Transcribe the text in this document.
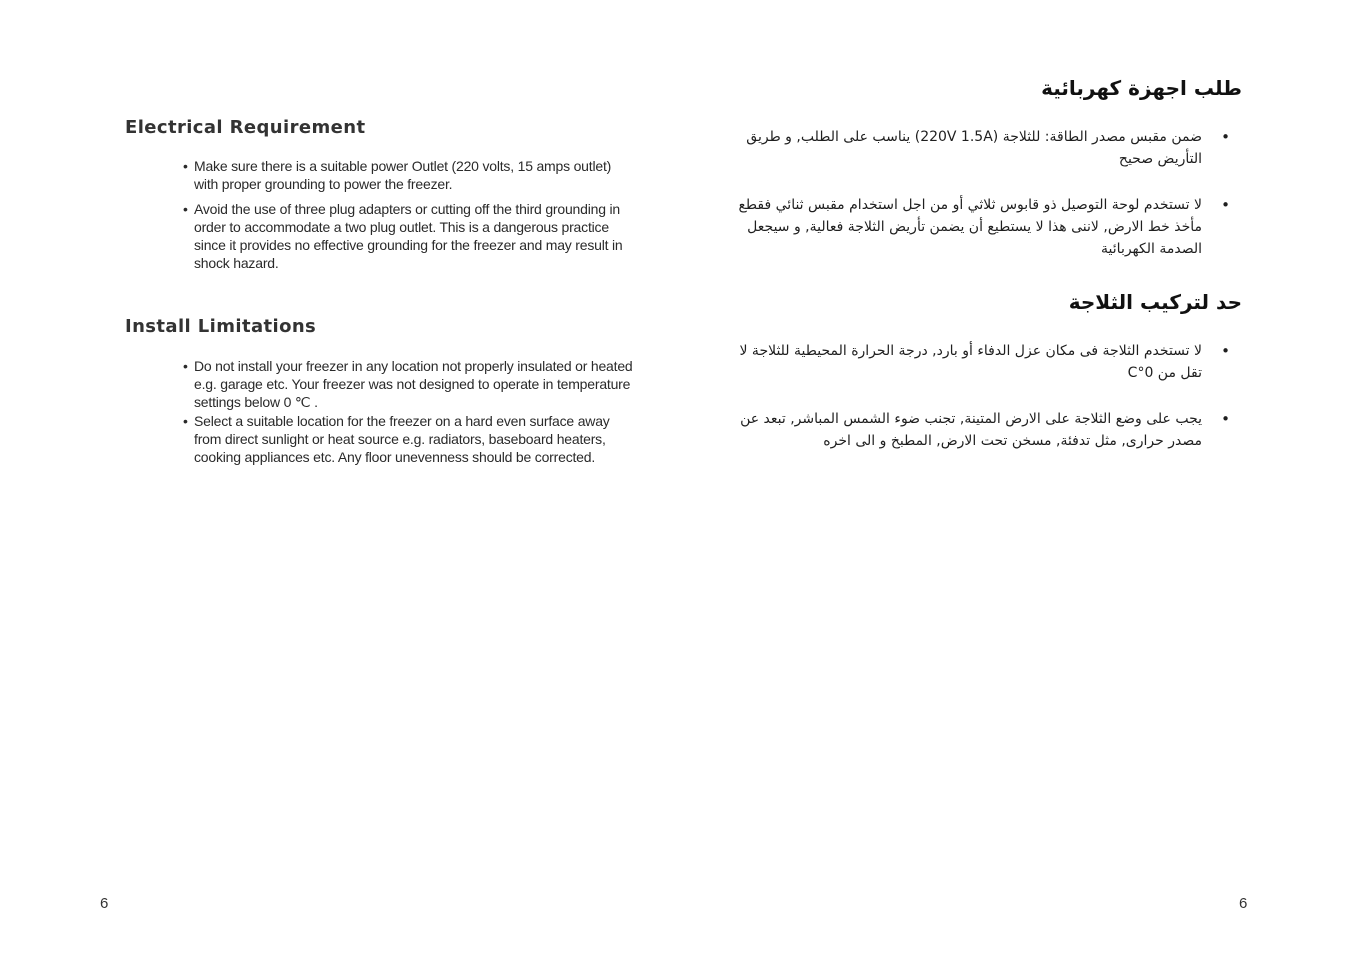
Electrical Requirement
• Make sure there is a suitable power Outlet (220 volts, 15 amps outlet) with proper grounding to power the freezer.
• Avoid the use of three plug adapters or cutting off the third grounding in order to accommodate a two plug outlet. This is a dangerous practice since it provides no effective grounding for the freezer and may result in shock hazard.
Install Limitations
• Do not install your freezer in any location not properly insulated or heated e.g. garage etc. Your freezer was not designed to operate in temperature settings below 0 ℃ .
• Select a suitable location for the freezer on a hard even surface away from direct sunlight or heat source e.g. radiators, baseboard heaters, cooking appliances etc. Any floor unevenness should be corrected.
6
طلب اجهزة كهربائية
•
ضمن مقبس مصدر الطاقة: للثلاجة (220V 1.5A) يناسب على الطلب, و طريق التأريض صحيح
•
لا تستخدم لوحة التوصيل ذو قابوس ثلاثي أو من اجل استخدام مقبس ثنائي فقطع مأخذ خط الارض, لاننى هذا لا يستطيع أن يضمن تأريض الثلاجة فعالية, و سيجعل الصدمة الكهربائية
حد لتركيب الثلاجة
•
لا تستخدم الثلاجة فى مكان عزل الدفاء أو بارد, درجة الحرارة المحيطية للثلاجة لا تقل من 0°C
•
يجب على وضع الثلاجة على الارض المتينة, تجنب ضوء الشمس المباشر, تبعد عن مصدر حرارى, مثل تدفئة, مسخن تحت الارض, المطبخ و الى اخره
6
